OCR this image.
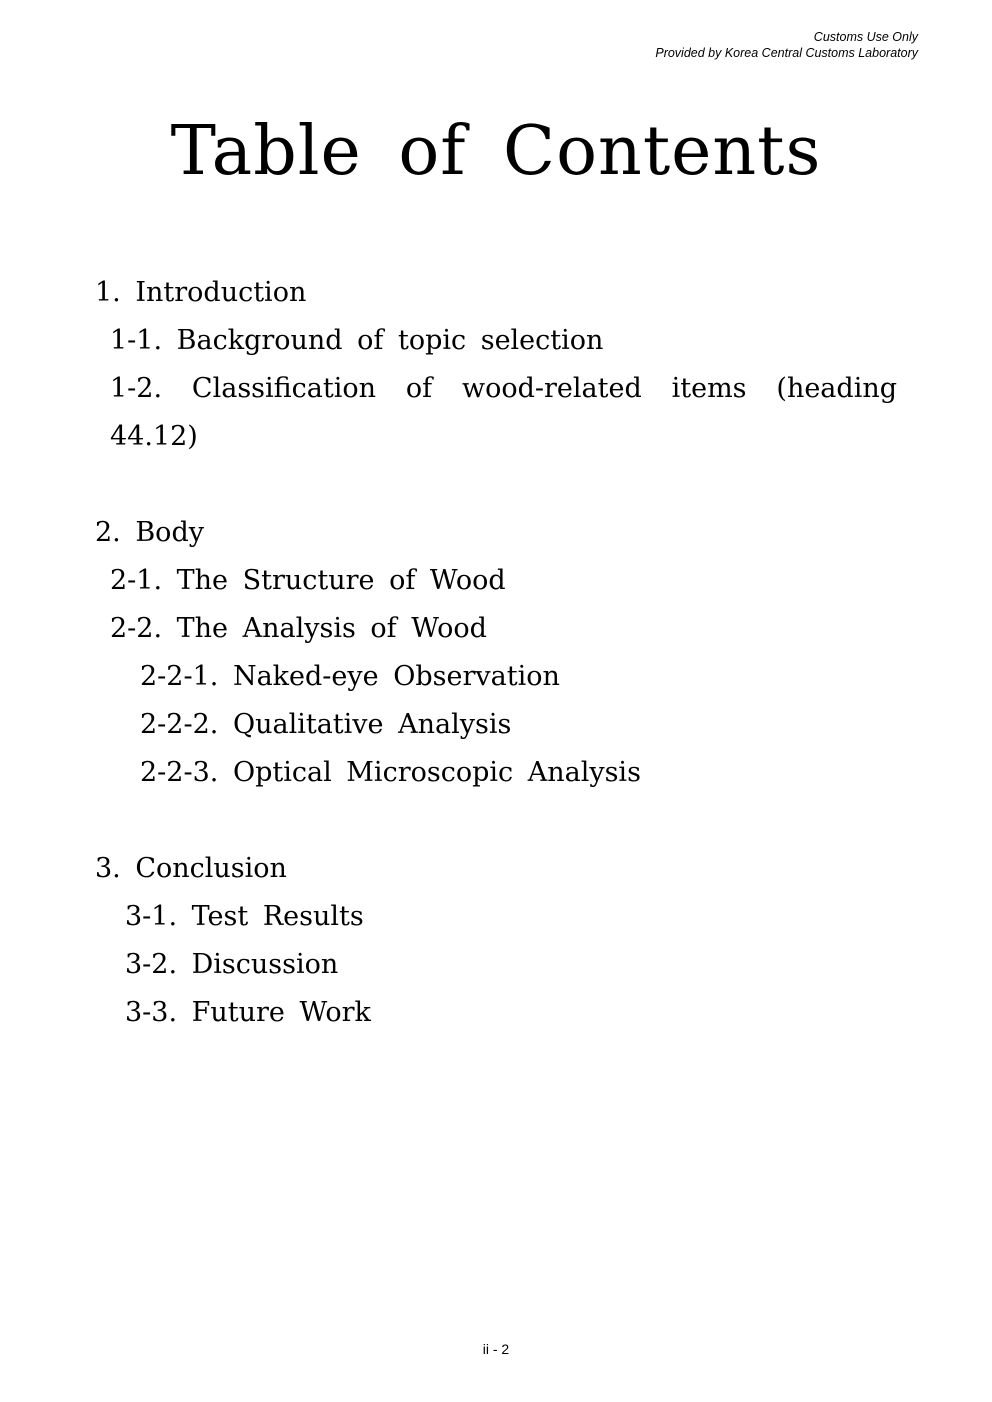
Customs Use Only
Provided by Korea Central Customs Laboratory
Table of Contents
1. Introduction
1-1. Background of topic selection
1-2. Classification of wood-related items (heading 44.12)
2. Body
2-1. The Structure of Wood
2-2. The Analysis of Wood
2-2-1. Naked-eye Observation
2-2-2. Qualitative Analysis
2-2-3. Optical Microscopic Analysis
3. Conclusion
3-1. Test Results
3-2. Discussion
3-3. Future Work
ii - 2
